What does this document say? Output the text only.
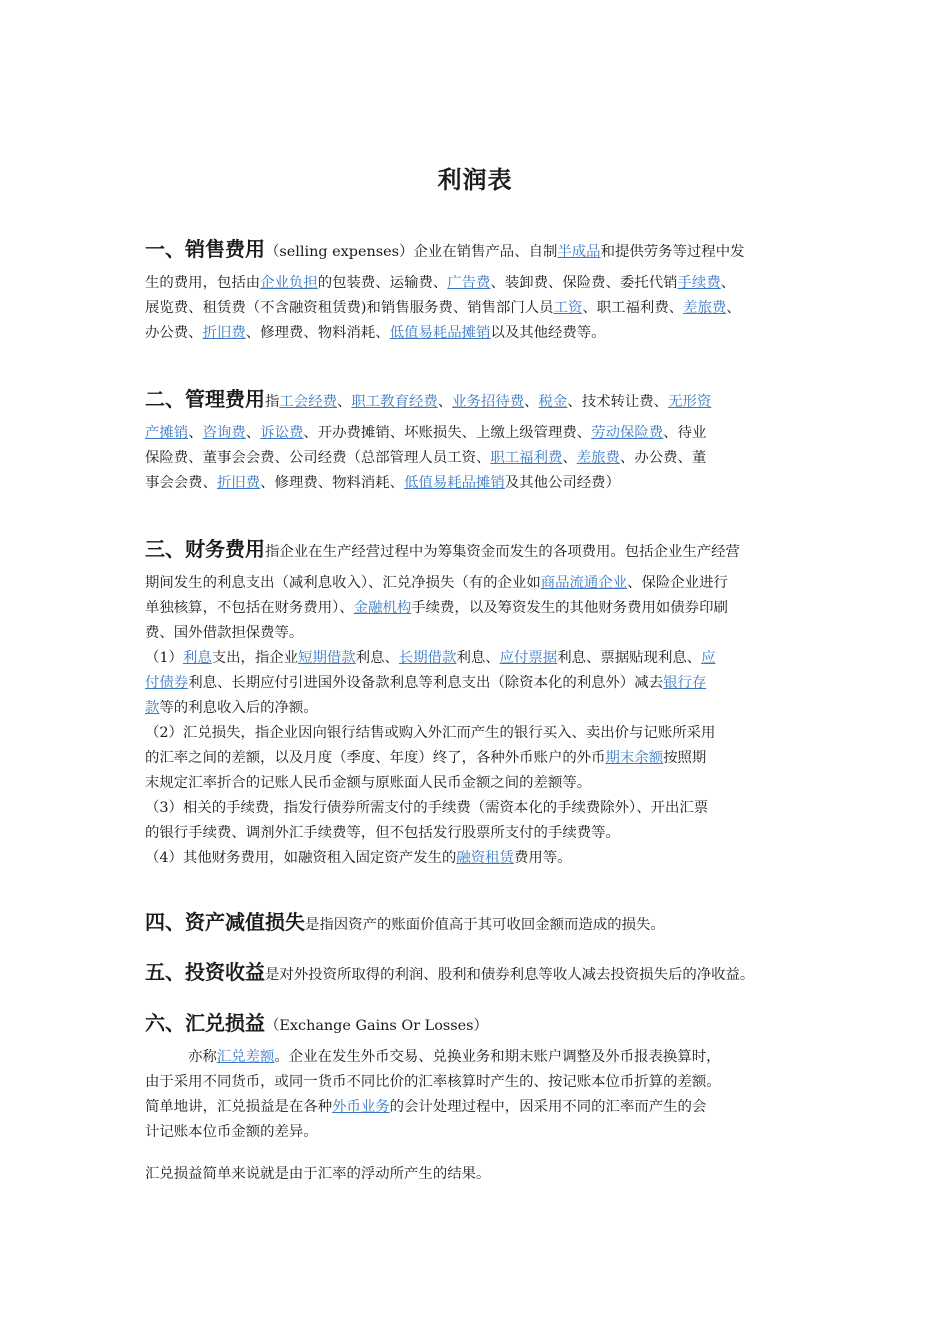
利润表
一、销售费用（selling expenses）企业在销售产品、自制半成品和提供劳务等过程中发
生的费用，包括由企业负担的包装费、运输费、广告费、装卸费、保险费、委托代销手续费、
展览费、租赁费（不含融资租赁费)和销售服务费、销售部门人员工资、职工福利费、差旅费、
办公费、折旧费、修理费、物料消耗、低值易耗品摊销以及其他经费等。
二、管理费用指工会经费、职工教育经费、业务招待费、税金、技术转让费、无形资
产摊销、咨询费、诉讼费、开办费摊销、坏账损失、上缴上级管理费、劳动保险费、待业
保险费、董事会会费、公司经费（总部管理人员工资、职工福利费、差旅费、办公费、董
事会会费、折旧费、修理费、物料消耗、低值易耗品摊销及其他公司经费）
三、财务费用指企业在生产经营过程中为筹集资金而发生的各项费用。包括企业生产经营
期间发生的利息支出（减利息收入）、汇兑净损失（有的企业如商品流通企业、保险企业进行
单独核算，不包括在财务费用）、金融机构手续费，以及筹资发生的其他财务费用如债券印刷
费、国外借款担保费等。
（1）利息支出，指企业短期借款利息、长期借款利息、应付票据利息、票据贴现利息、应
付债券利息、长期应付引进国外设备款利息等利息支出（除资本化的利息外）减去银行存
款等的利息收入后的净额。
（2）汇兑损失，指企业因向银行结售或购入外汇而产生的银行买入、卖出价与记账所采用
的汇率之间的差额，以及月度（季度、年度）终了，各种外币账户的外币期末余额按照期
末规定汇率折合的记账人民币金额与原账面人民币金额之间的差额等。
（3）相关的手续费，指发行债券所需支付的手续费（需资本化的手续费除外）、开出汇票
的银行手续费、调剂外汇手续费等，但不包括发行股票所支付的手续费等。
（4）其他财务费用，如融资租入固定资产发生的融资租赁费用等。
四、资产减值损失是指因资产的账面价值高于其可收回金额而造成的损失。
五、投资收益是对外投资所取得的利润、股利和债券利息等收人减去投资损失后的净收益。
六、汇兑损益（Exchange Gains Or Losses）
亦称汇兑差额。企业在发生外币交易、兑换业务和期末账户调整及外币报表换算时，
由于采用不同货币，或同一货币不同比价的汇率核算时产生的、按记账本位币折算的差额。
简单地讲，汇兑损益是在各种外币业务的会计处理过程中，因采用不同的汇率而产生的会
计记账本位币金额的差异。
汇兑损益简单来说就是由于汇率的浮动所产生的结果。
